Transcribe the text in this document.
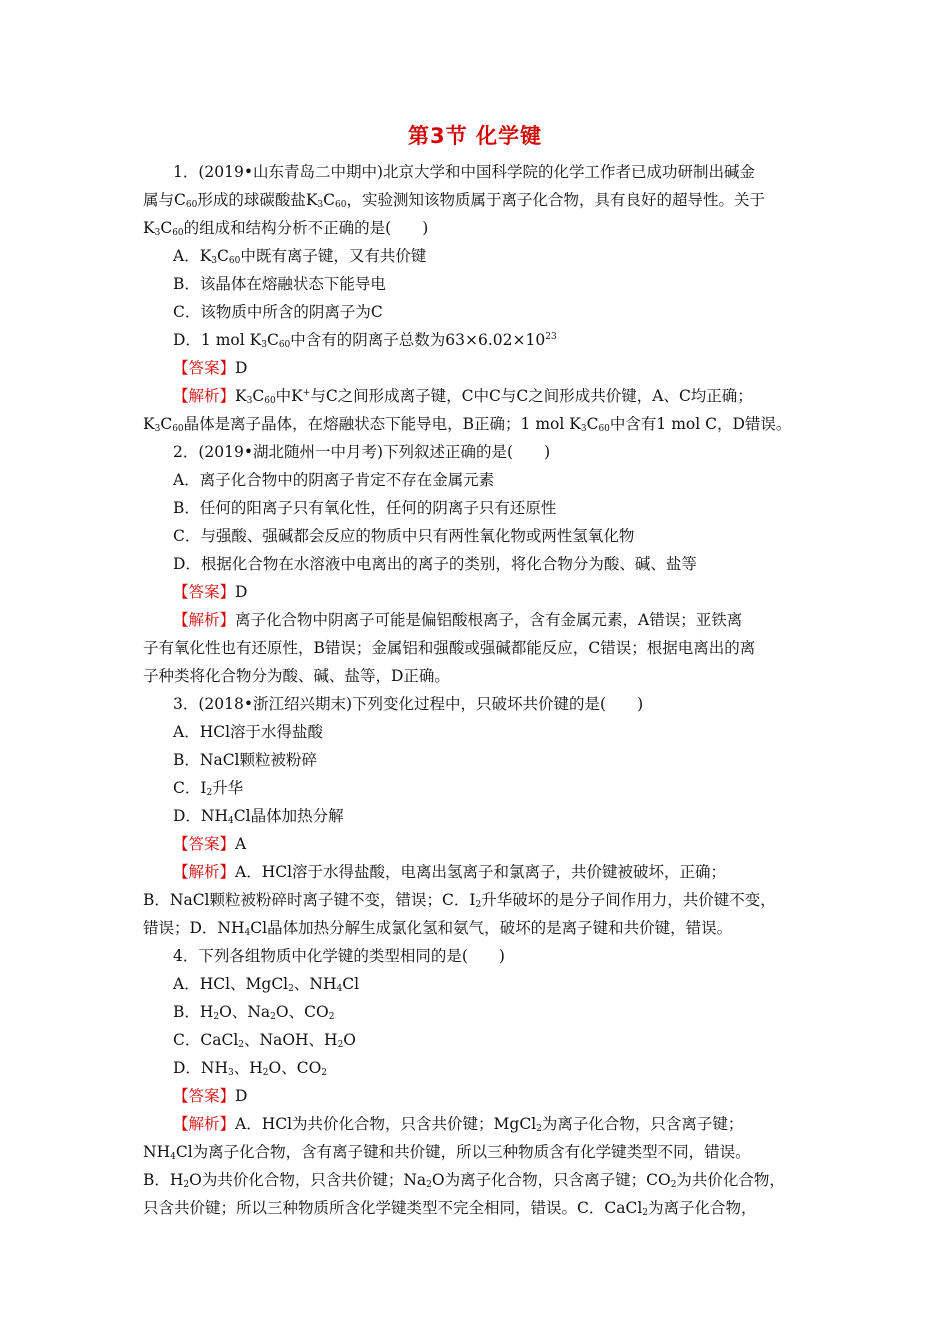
第3节 化学键
1．(2019•山东青岛二中期中)北京大学和中国科学院的化学工作者已成功研制出碱金
属与$C_{60}$形成的球碳酸盐$K_3C_{60}$，实验测知该物质属于离子化合物，具有良好的超导性。关于
$K_3C_{60}$的组成和结构分析不正确的是(　　)
A．$K_3C_{60}$中既有离子键，又有共价键
B．该晶体在熔融状态下能导电
C．该物质中所含的阴离子为C
D．1 mol $K_3C_{60}$中含有的阴离子总数为$63\times 6.02\times 10^{23}$
【答案】D
【解析】$K_3C_{60}$中K+与C之间形成离子键，C中C与C之间形成共价键，A、C均正确；
$K_3C_{60}$晶体是离子晶体，在熔融状态下能导电，B正确；1 mol $K_3C_{60}$中含有1 mol C，D错误。
2．(2019•湖北随州一中月考)下列叙述正确的是(　　)
A．离子化合物中的阴离子肯定不存在金属元素
B．任何的阳离子只有氧化性，任何的阴离子只有还原性
C．与强酸、强碱都会反应的物质中只有两性氧化物或两性氢氧化物
D．根据化合物在水溶液中电离出的离子的类别，将化合物分为酸、碱、盐等
【答案】D
【解析】离子化合物中阴离子可能是偏铝酸根离子，含有金属元素，A错误；亚铁离
子有氧化性也有还原性，B错误；金属铝和强酸或强碱都能反应，C错误；根据电离出的离
子种类将化合物分为酸、碱、盐等，D正确。
3．(2018•浙江绍兴期末)下列变化过程中，只破坏共价键的是(　　)
A．HCl溶于水得盐酸
B．NaCl颗粒被粉碎
C．$I_2$升华
D．$NH_4Cl$晶体加热分解
【答案】A
【解析】A．HCl溶于水得盐酸，电离出氢离子和氯离子，共价键被破坏，正确；
B．NaCl颗粒被粉碎时离子键不变，错误；C．$I_2$升华破坏的是分子间作用力，共价键不变，
错误；D．$NH_4Cl$晶体加热分解生成氯化氢和氨气，破坏的是离子键和共价键，错误。
4．下列各组物质中化学键的类型相同的是(　　)
A．HCl、MgCl$_2$、$NH_4Cl$
B．$H_2O$、$Na_2O$、$CO_2$
C．CaCl$_2$、NaOH、$H_2O$
D．$NH_3$、$H_2O$、$CO_2$
【答案】D
【解析】A．HCl为共价化合物，只含共价键；MgCl$_2$为离子化合物，只含离子键；
$NH_4Cl$为离子化合物，含有离子键和共价键，所以三种物质含有化学键类型不同，错误。
B．$H_2O$为共价化合物，只含共价键；$Na_2O$为离子化合物，只含离子键；$CO_2$为共价化合物，
只含共价键；所以三种物质所含化学键类型不完全相同，错误。C．CaCl$_2$为离子化合物，
